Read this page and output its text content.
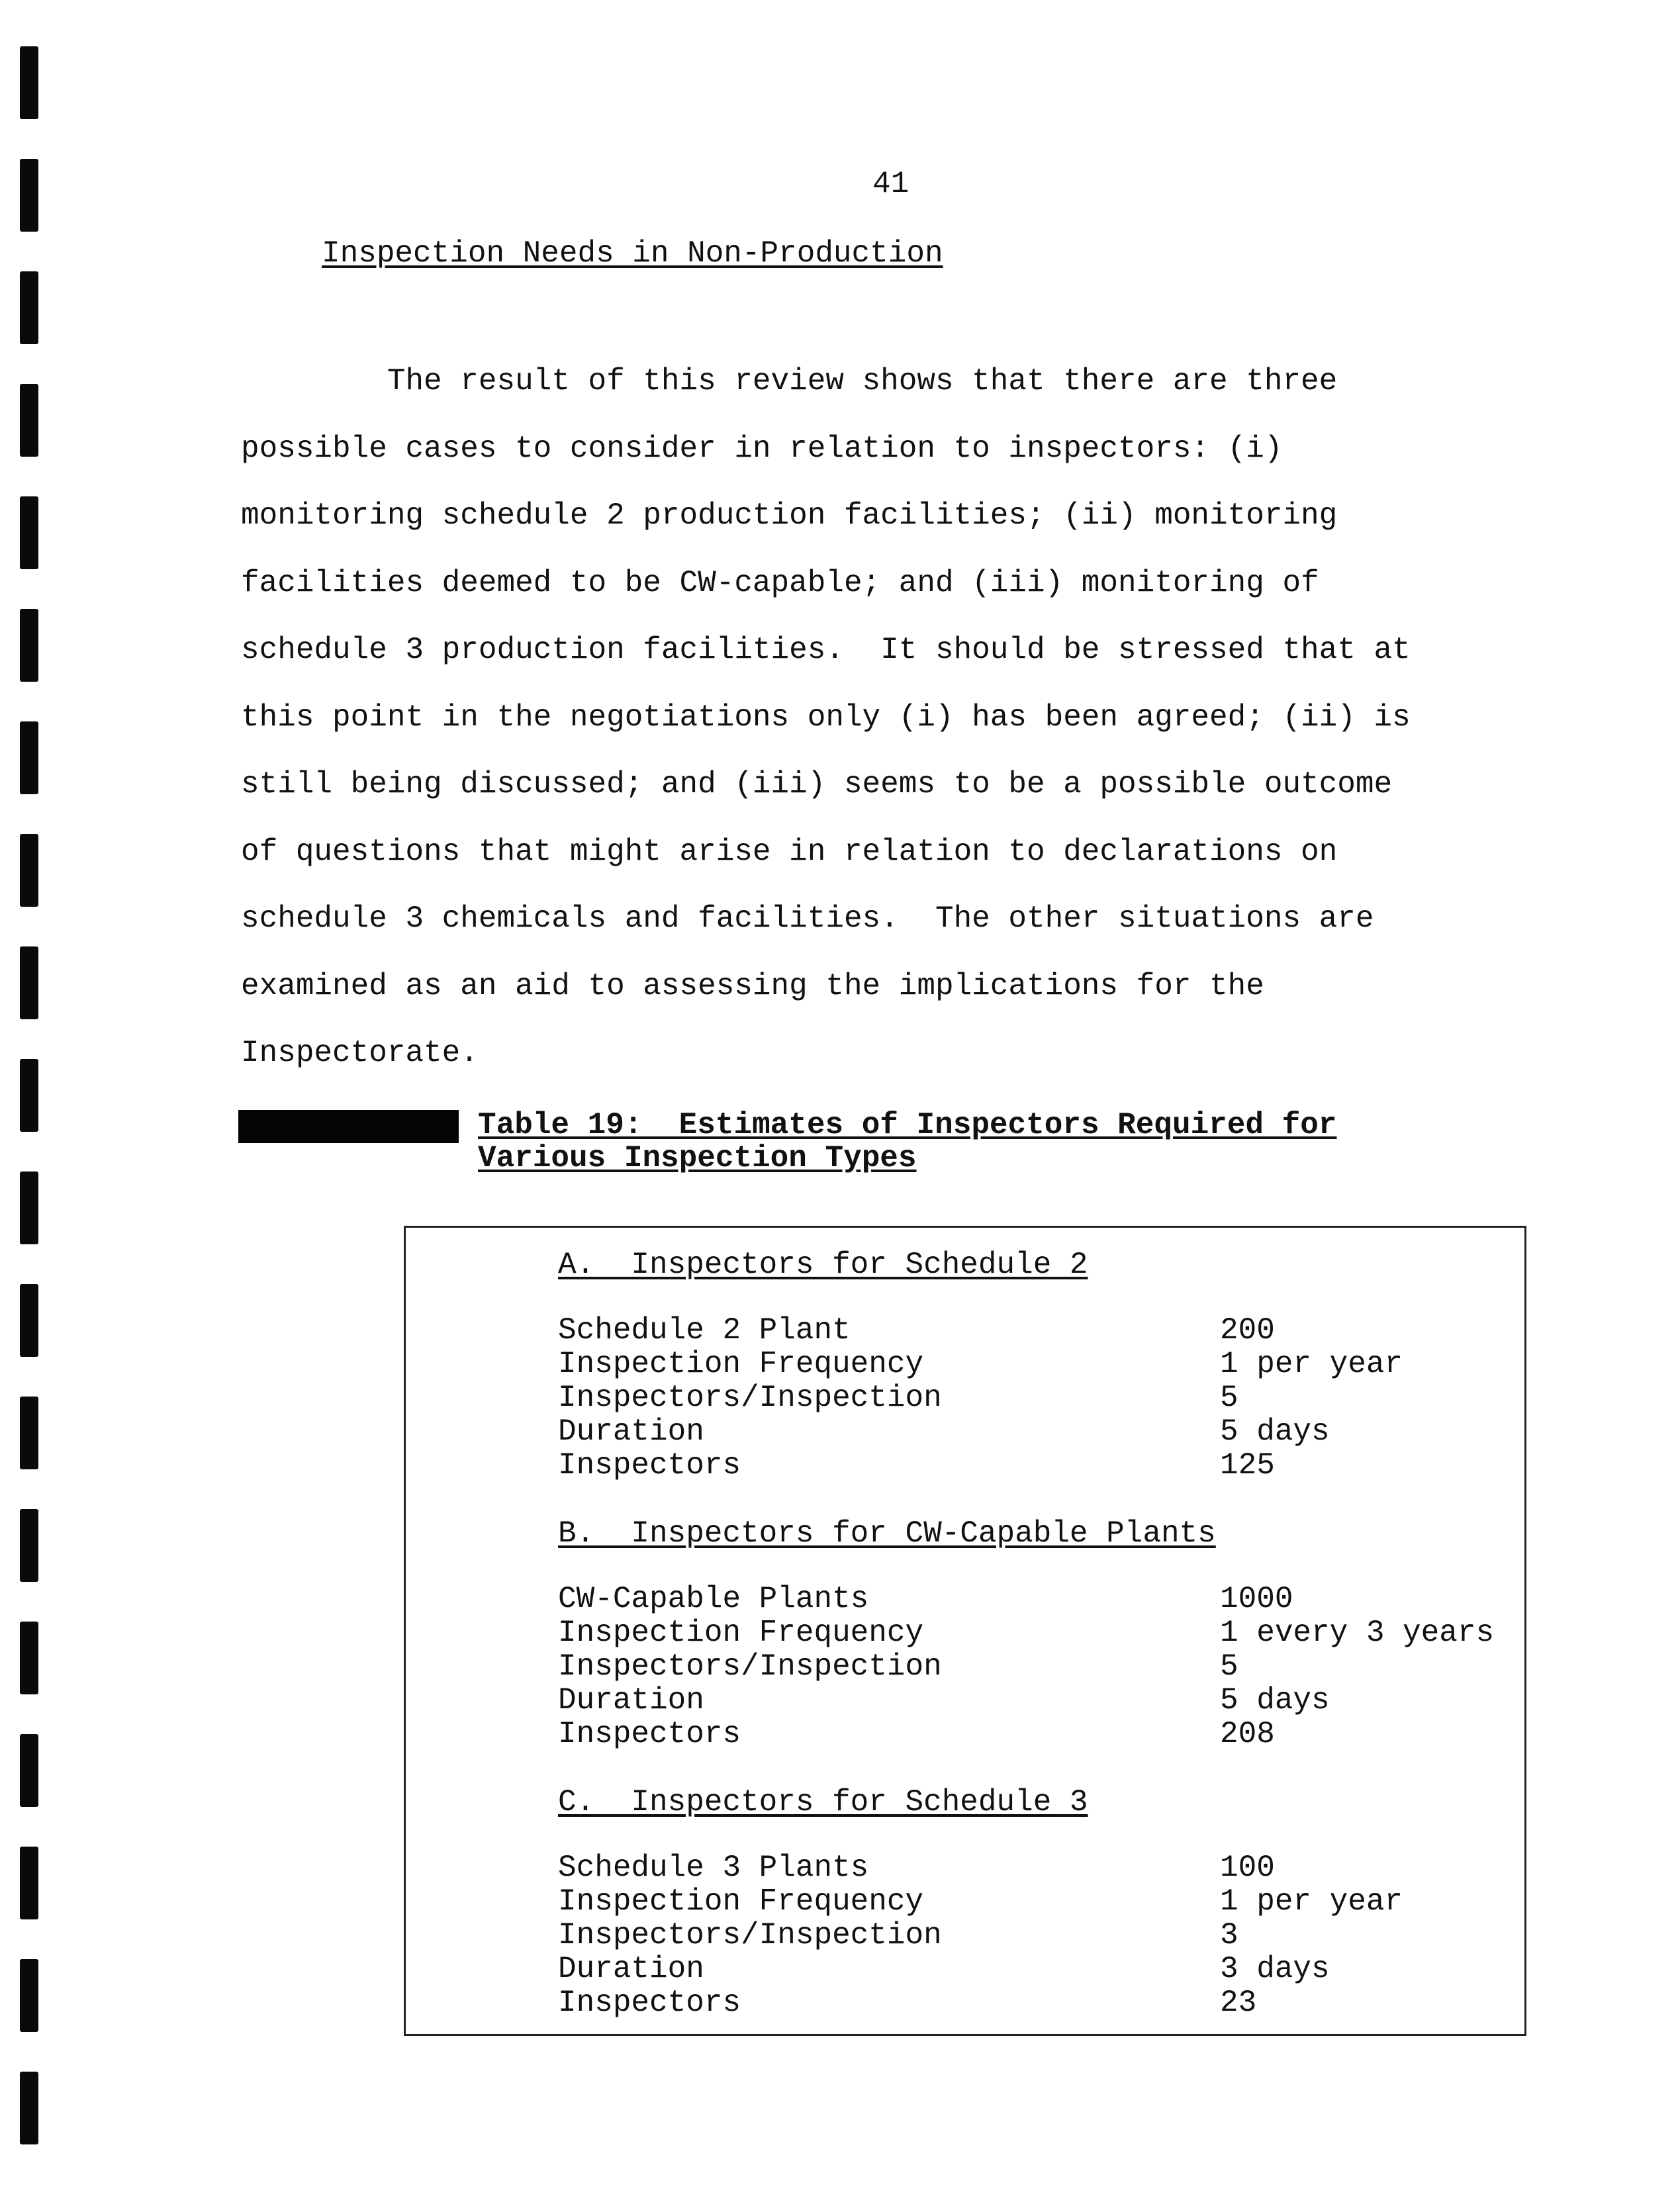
41
Inspection Needs in Non-Production
The result of this review shows that there are three
possible cases to consider in relation to inspectors: (i)
monitoring schedule 2 production facilities; (ii) monitoring
facilities deemed to be CW-capable; and (iii) monitoring of
schedule 3 production facilities.  It should be stressed that at
this point in the negotiations only (i) has been agreed; (ii) is
still being discussed; and (iii) seems to be a possible outcome
of questions that might arise in relation to declarations on
schedule 3 chemicals and facilities.  The other situations are
examined as an aid to assessing the implications for the
Inspectorate.
Table 19:  Estimates of Inspectors Required for
Various Inspection Types
A.  Inspectors for Schedule 2
Schedule 2 Plant	200
Inspection Frequency	1 per year
Inspectors/Inspection	5
Duration	5 days
Inspectors	125
B.  Inspectors for CW-Capable Plants
CW-Capable Plants	1000
Inspection Frequency	1 every 3 years
Inspectors/Inspection	5
Duration	5 days
Inspectors	208
C.  Inspectors for Schedule 3
Schedule 3 Plants	100
Inspection Frequency	1 per year
Inspectors/Inspection	3
Duration	3 days
Inspectors	23
